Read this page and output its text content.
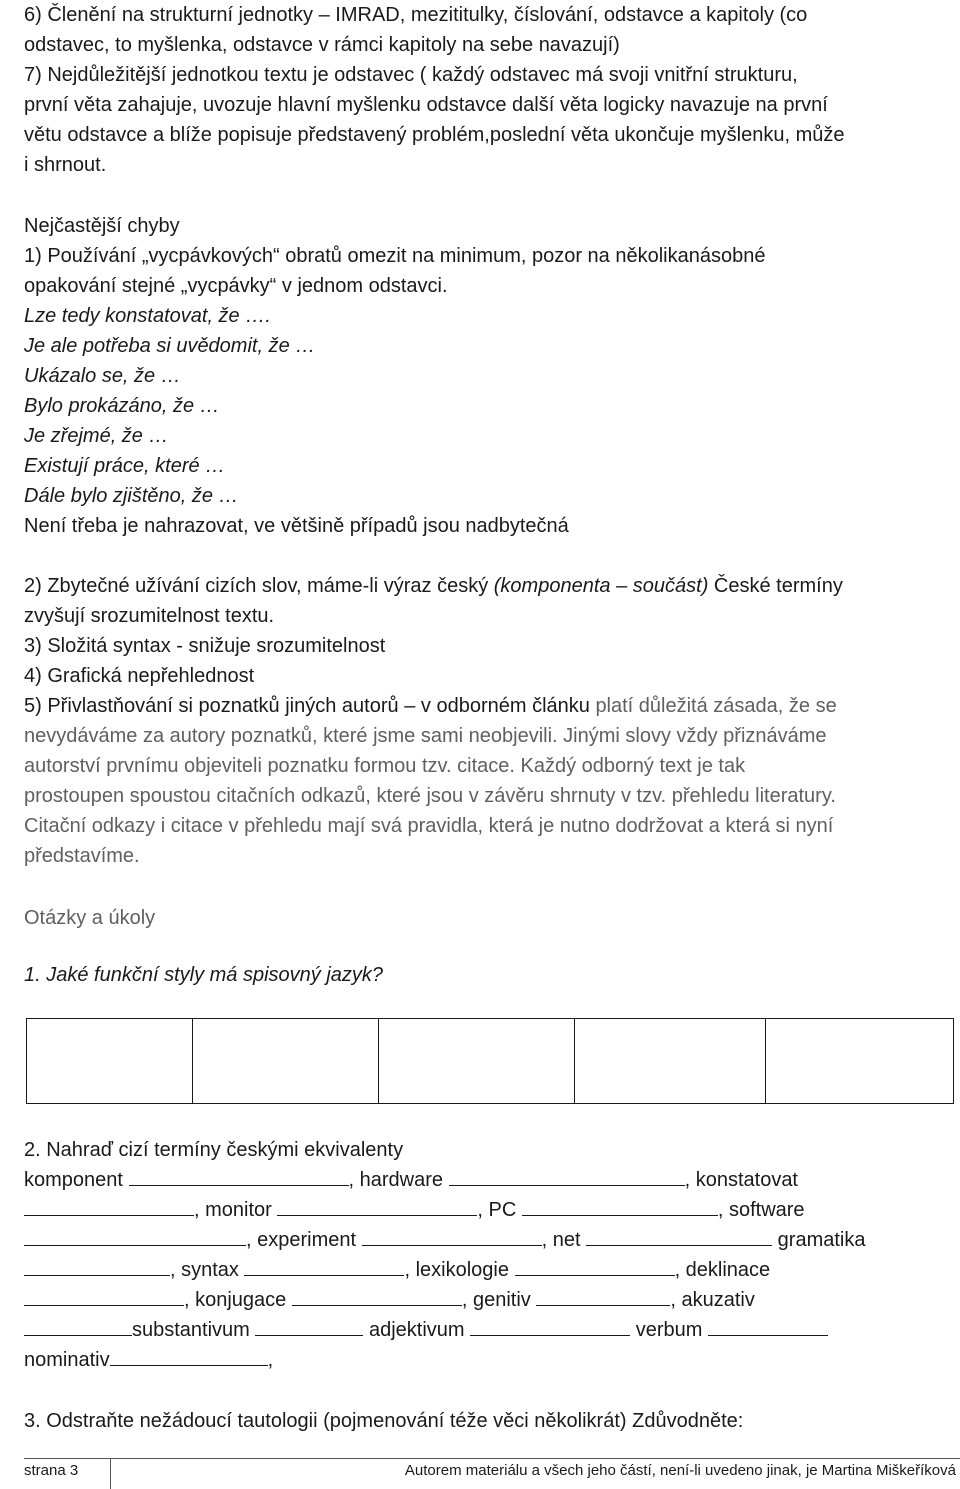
6) Členění na strukturní jednotky – IMRAD, mezititulky, číslování, odstavce a kapitoly (co
odstavec, to myšlenka, odstavce v rámci kapitoly na sebe navazují)
7) Nejdůležitější jednotkou textu je odstavec ( každý odstavec má svoji vnitřní strukturu,
první věta zahajuje, uvozuje hlavní myšlenku odstavce další věta logicky navazuje na první
větu odstavce a blíže popisuje představený problém,poslední věta ukončuje myšlenku, může
i shrnout.
Nejčastější chyby
1) Používání „vycpávkových“ obratů omezit na minimum, pozor na několikanásobné
opakování stejné „vycpávky“ v jednom odstavci.
Lze tedy konstatovat, že ….
Je ale potřeba si uvědomit, že …
Ukázalo se, že …
Bylo prokázáno, že …
Je zřejmé, že …
Existují práce, které …
Dále bylo zjištěno, že …
Není třeba je nahrazovat, ve většině případů jsou nadbytečná
2) Zbytečné užívání cizích slov, máme-li výraz český (komponenta – součást) České termíny
zvyšují srozumitelnost textu.
3) Složitá syntax - snižuje srozumitelnost
4) Grafická nepřehlednost
5) Přivlastňování si poznatků jiných autorů – v odborném článku platí důležitá zásada, že se
nevydáváme za autory poznatků, které jsme sami neobjevili. Jinými slovy vždy přiznáváme
autorství prvnímu objeviteli poznatku formou tzv. citace. Každý odborný text je tak
prostoupen spoustou citačních odkazů, které jsou v závěru shrnuty v tzv. přehledu literatury.
Citační odkazy i citace v přehledu mají svá pravidla, která je nutno dodržovat a která si nyní
představíme.
Otázky a úkoly
1. Jaké funkční styly má spisovný jazyk?

2. Nahraď cizí termíny českými ekvivalenty
komponent	, hardware	, konstatovat
, monitor	, PC	, software
, experiment	, net	gramatika
, syntax	, lexikologie	, deklinace
, konjugace	, genitiv	, akuzativ
substantivum	adjektivum	verbum
nominativ	,
3. Odstraňte nežádoucí tautologii (pojmenování téže věci několikrát) Zdůvodněte:
strana 3	Autorem materiálu a všech jeho částí, není-li uvedeno jinak, je Martina Miškeříková
